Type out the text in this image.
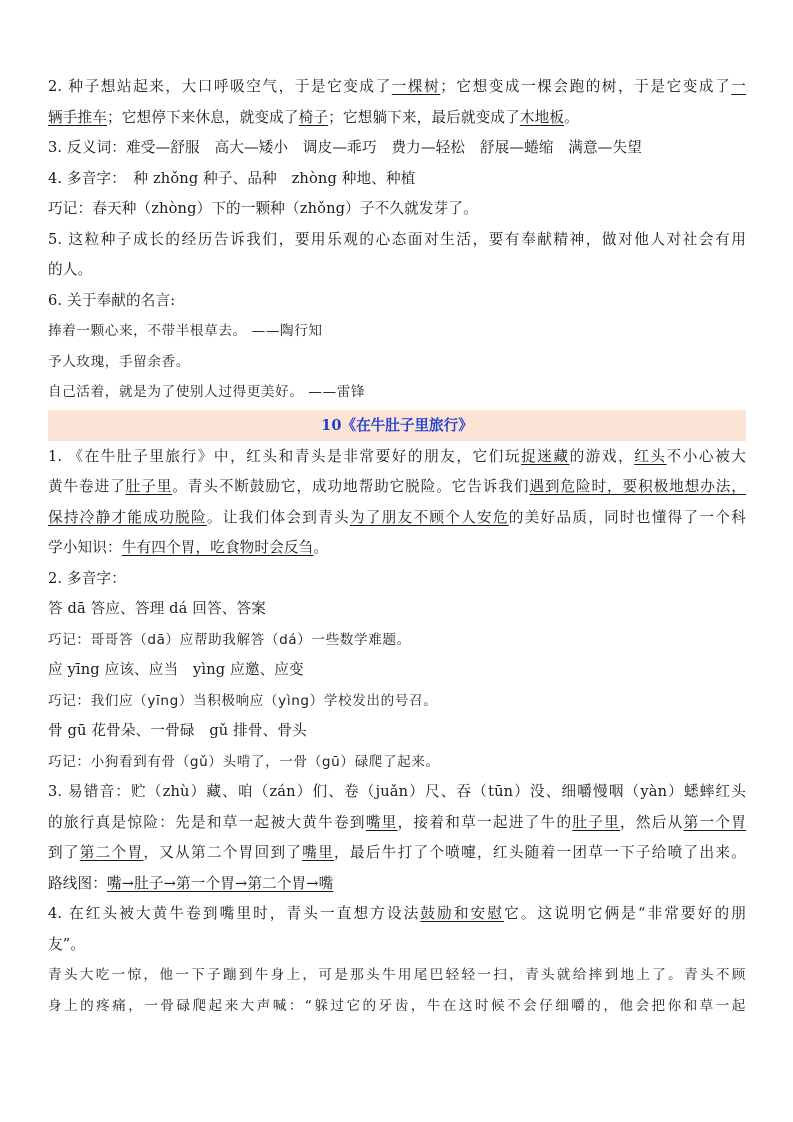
2. 种子想站起来，大口呼吸空气，于是它变成了一棵树；它想变成一棵会跑的树，于是它变成了一

辆手推车；它想停下来休息，就变成了椅子；它想躺下来，最后就变成了木地板。

3. 反义词：难受—舒服　高大—矮小　调皮—乖巧　费力—轻松　舒展—蜷缩　满意—失望

4. 多音字：　种 zhǒng 种子、品种　zhòng 种地、种植

巧记：春天种（zhòng）下的一颗种（zhǒng）子不久就发芽了。

5. 这粒种子成长的经历告诉我们，要用乐观的心态面对生活，要有奉献精神，做对他人对社会有用

的人。

6. 关于奉献的名言:

捧着一颗心来，不带半根草去。 ——陶行知

予人玫瑰，手留余香。

自己活着，就是为了使别人过得更美好。 ——雷锋

10《在牛肚子里旅行》

1. 《在牛肚子里旅行》中，红头和青头是非常要好的朋友，它们玩捉迷藏的游戏，红头不小心被大

黄牛卷进了肚子里。青头不断鼓励它，成功地帮助它脱险。它告诉我们遇到危险时，要积极地想办法，

保持冷静才能成功脱险。让我们体会到青头为了朋友不顾个人安危的美好品质，同时也懂得了一个科

学小知识：牛有四个胃，吃食物时会反刍。

2. 多音字：

答 dā 答应、答理 dá 回答、答案

巧记：哥哥答（dā）应帮助我解答（dá）一些数学难题。

应 yīng 应该、应当　yìng 应邀、应变

巧记：我们应（yīng）当积极响应（yìng）学校发出的号召。

骨 gū 花骨朵、一骨碌　gǔ 排骨、骨头

巧记：小狗看到有骨（gǔ）头啃了，一骨（gū）碌爬了起来。

3. 易错音：贮（zhù）藏、咱（zán）们、卷（juǎn）尺、吞（tūn）没、细嚼慢咽（yàn）蟋蟀红头

的旅行真是惊险：先是和草一起被大黄牛卷到嘴里，接着和草一起进了牛的肚子里，然后从第一个胃

到了第二个胃，又从第二个胃回到了嘴里，最后牛打了个喷嚏，红头随着一团草一下子给喷了出来。

路线图：嘴→肚子→第一个胃→第二个胃→嘴

4. 在红头被大黄牛卷到嘴里时，青头一直想方设法鼓励和安慰它。这说明它俩是“非常要好的朋

友”。

青头大吃一惊，他一下子蹦到牛身上，可是那头牛用尾巴轻轻一扫，青头就给摔到地上了。青头不顾

身上的疼痛，一骨碌爬起来大声喊：“躲过它的牙齿，牛在这时候不会仔细嚼的，他会把你和草一起
